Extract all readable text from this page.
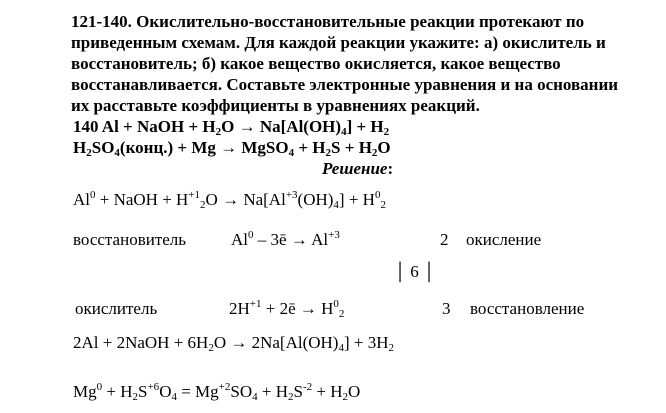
121-140. Окислительно-восстановительные реакции протекают по
приведенным схемам. Для каждой реакции укажите: а) окислитель и
восстановитель; б) какое вещество окисляется, какое вещество
восстанавливается. Составьте электронные уравнения и на основании
их расставьте коэффициенты в уравнениях реакций.
140 Al + NaOH + $H_2O \to Na[Al(OH)_4] + H_2$
$H_2SO_4(конц.) + Mg$ → MgSO$_4$ + $H_2S + H_2O$
Решение:
$Al^0$ + NaOH + $H^{+1}_2O \to Na[Al^{+3}(OH)_4] + H^0_2$
восстановитель	Al$^0$ – 3ē → $Al^{+3}$	2 окисление
│ 6 │
окислитель	$2H^{+1}$ + 2ē → $H^0_2$	3 восстановление
2Al + 2NaOH + $6H_2O \to 2Na[Al(OH)_4] + 3H_2$
$Mg^0 + H_2S^{+6}O_4 = Mg^{+2}SO_4 + H_2S^{-2} + H_2O$
